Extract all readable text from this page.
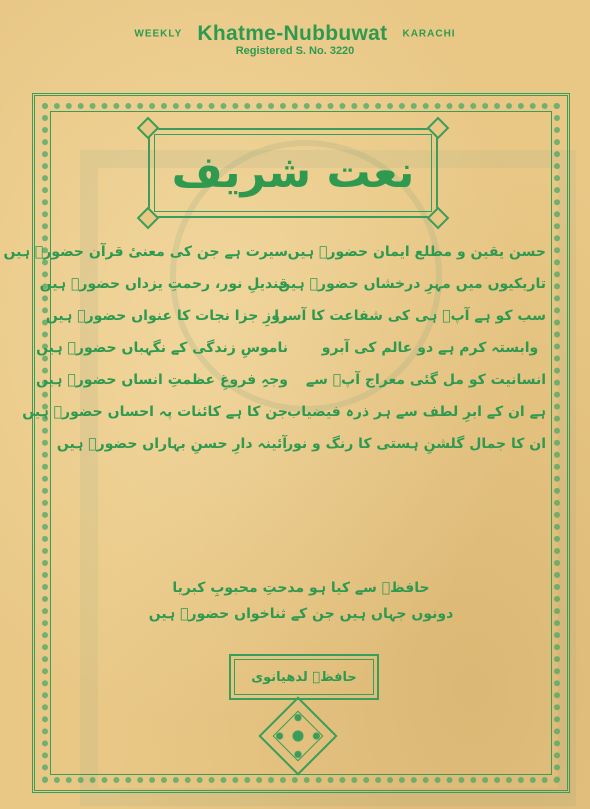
WEEKLY Khatme-Nubbuwat KARACHI
Registered S. No. 3220
نعت شریف
حسن یقین و مطلع ایمان حضورؐ ہیں
سیرت ہے جن کی معنیٔ قرآن حضورؐ ہیں
تاریکیوں میں مہرِ درخشاں حضورؐ ہیں
قندیلِ نور، رحمتِ یزداں حضورؐ ہیں
سب کو ہے آپؐ ہی کی شفاعت کا آسرا
روزِ جزا نجات کا عنواں حضورؐ ہیں
وابستہ کرم ہے دو عالم کی آبرو
ناموسِ زندگی کے نگہباں حضورؐ ہیں
انسانیت کو مل گئی معراج آپؐ سے
وجہِ فروغِ عظمتِ انساں حضورؐ ہیں
ہے ان کے ابرِ لطف سے ہر ذرہ فیضیاب
جن کا ہے کائنات پہ احساں حضورؐ ہیں
ان کا جمال گلشنِ ہستی کا رنگ و نور
آئینہ دارِ حسنِ بہاراں حضورؐ ہیں
حافظؔ سے کیا ہو مدحتِ محبوبِ کبریا
دونوں جہاں ہیں جن کے ثناخواں حضورؐ ہیں
حافظؔ لدھیانوی
